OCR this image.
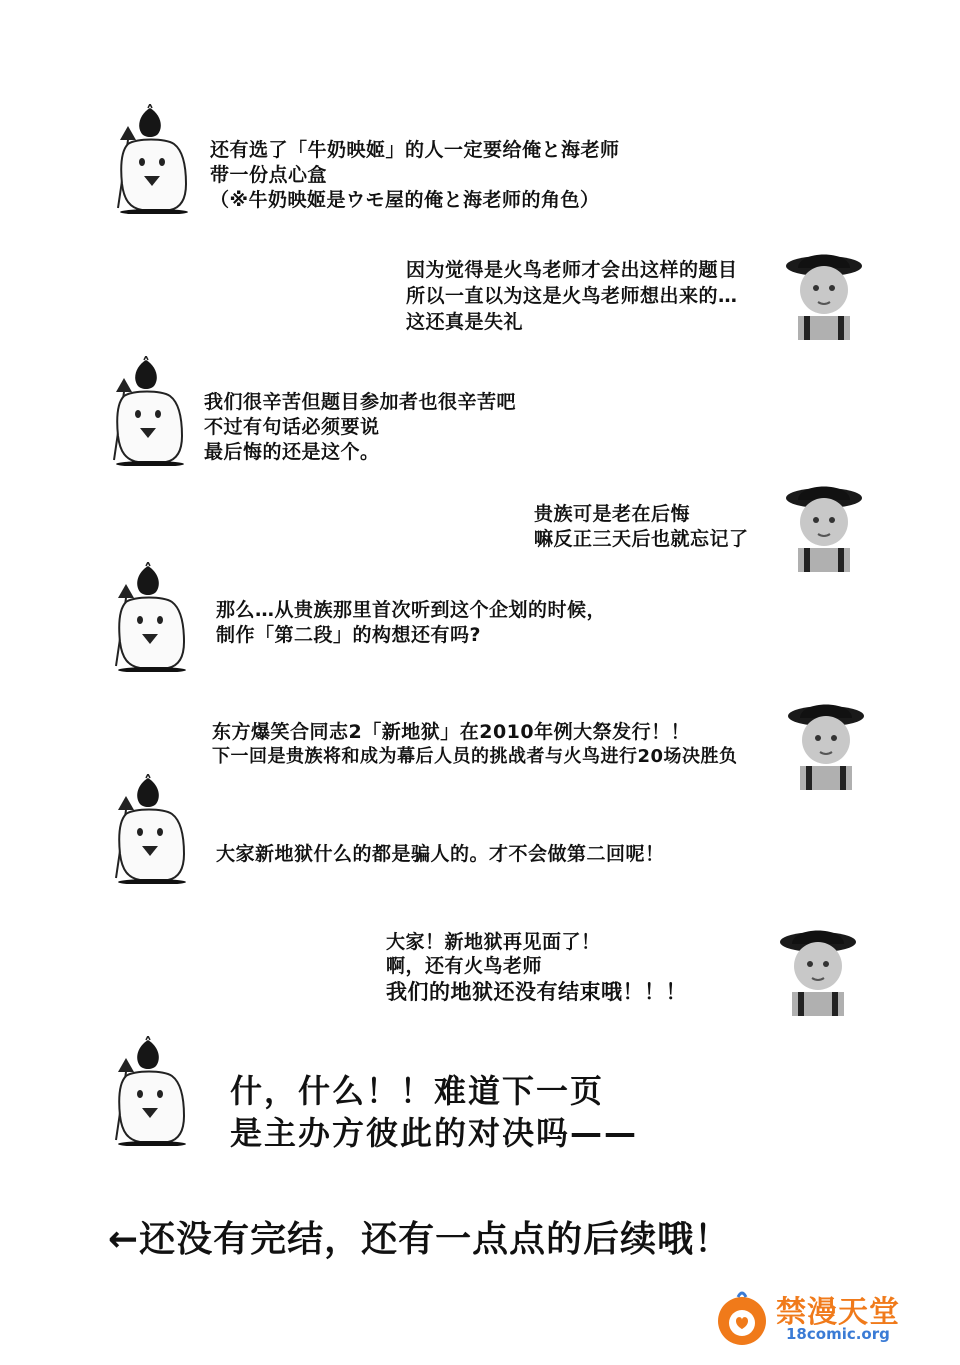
还有选了「牛奶映姬」的人一定要给俺と海老师
带一份点心盒
（※牛奶映姬是ウモ屋的俺と海老师的角色）
因为觉得是火鸟老师才会出这样的题目
所以一直以为这是火鸟老师想出来的…
这还真是失礼
我们很辛苦但题目参加者也很辛苦吧
不过有句话必须要说
最后悔的还是这个。
贵族可是老在后悔
嘛反正三天后也就忘记了
那么…从贵族那里首次听到这个企划的时候，
制作「第二段」的构想还有吗?
东方爆笑合同志2「新地狱」在2010年例大祭发行！！
下一回是贵族将和成为幕后人员的挑战者与火鸟进行20场决胜负
大家新地狱什么的都是骗人的。才不会做第二回呢！
大家！新地狱再见面了！
啊，还有火鸟老师
我们的地狱还没有结束哦！！！
什，什么！！难道下一页
是主办方彼此的对决吗——
←还没有完结，还有一点点的后续哦！
禁漫天堂
18comic.org
